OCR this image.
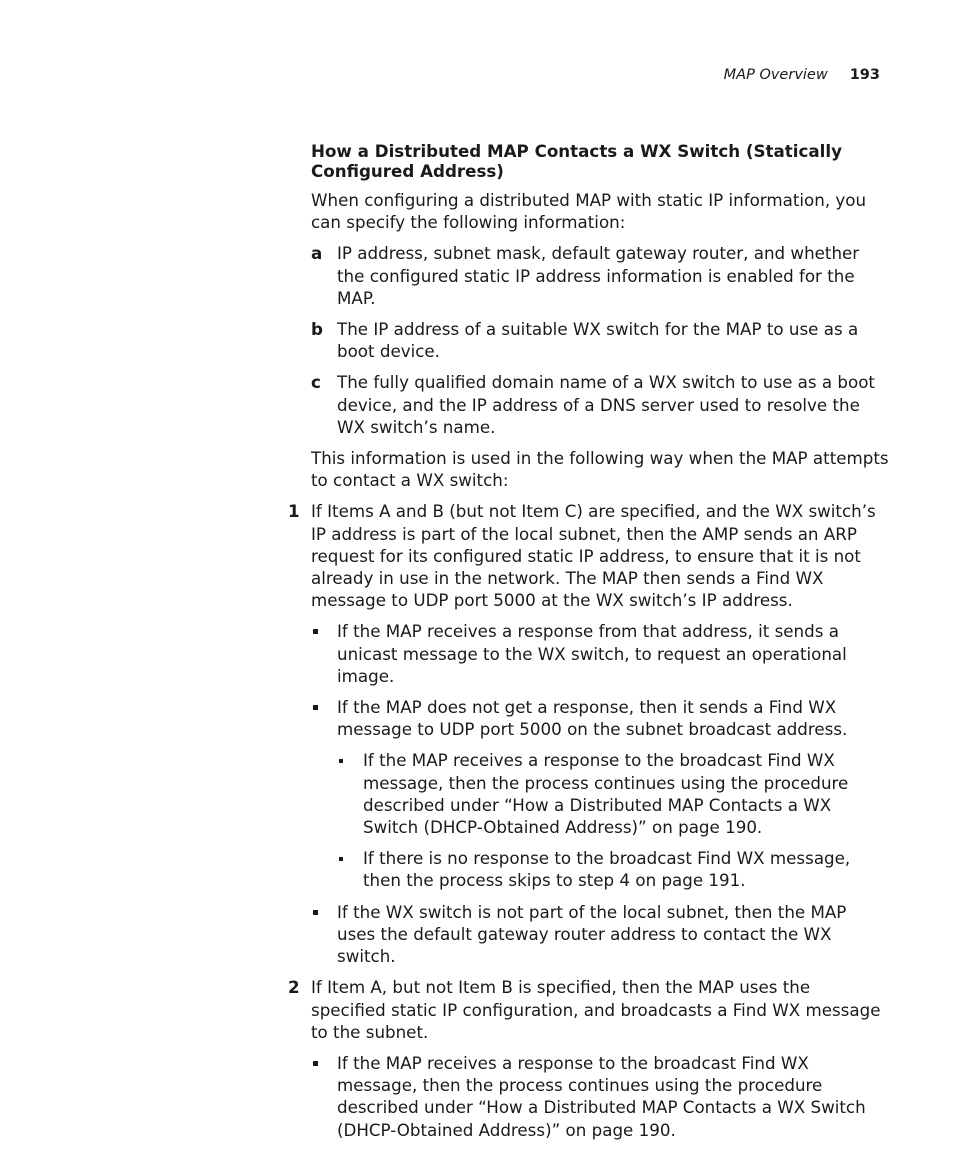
MAP Overview 193
How a Distributed MAP Contacts a WX Switch (Statically Configured Address)

When configuring a distributed MAP with static IP information, you can specify the following information:

a IP address, subnet mask, default gateway router, and whether the configured static IP address information is enabled for the MAP.
b The IP address of a suitable WX switch for the MAP to use as a boot device.
c The fully qualified domain name of a WX switch to use as a boot device, and the IP address of a DNS server used to resolve the WX switch’s name.

This information is used in the following way when the MAP attempts to contact a WX switch:

1 If Items A and B (but not Item C) are specified, and the WX switch’s IP address is part of the local subnet, then the AMP sends an ARP request for its configured static IP address, to ensure that it is not already in use in the network. The MAP then sends a Find WX message to UDP port 5000 at the WX switch’s IP address.
If the MAP receives a response from that address, it sends a unicast message to the WX switch, to request an operational image.
If the MAP does not get a response, then it sends a Find WX message to UDP port 5000 on the subnet broadcast address.
If the MAP receives a response to the broadcast Find WX message, then the process continues using the procedure described under “How a Distributed MAP Contacts a WX Switch (DHCP-Obtained Address)” on page 190.
If there is no response to the broadcast Find WX message, then the process skips to step 4 on page 191.
If the WX switch is not part of the local subnet, then the MAP uses the default gateway router address to contact the WX switch.
2 If Item A, but not Item B is specified, then the MAP uses the specified static IP configuration, and broadcasts a Find WX message to the subnet.
If the MAP receives a response to the broadcast Find WX message, then the process continues using the procedure described under “How a Distributed MAP Contacts a WX Switch (DHCP-Obtained Address)” on page 190.
